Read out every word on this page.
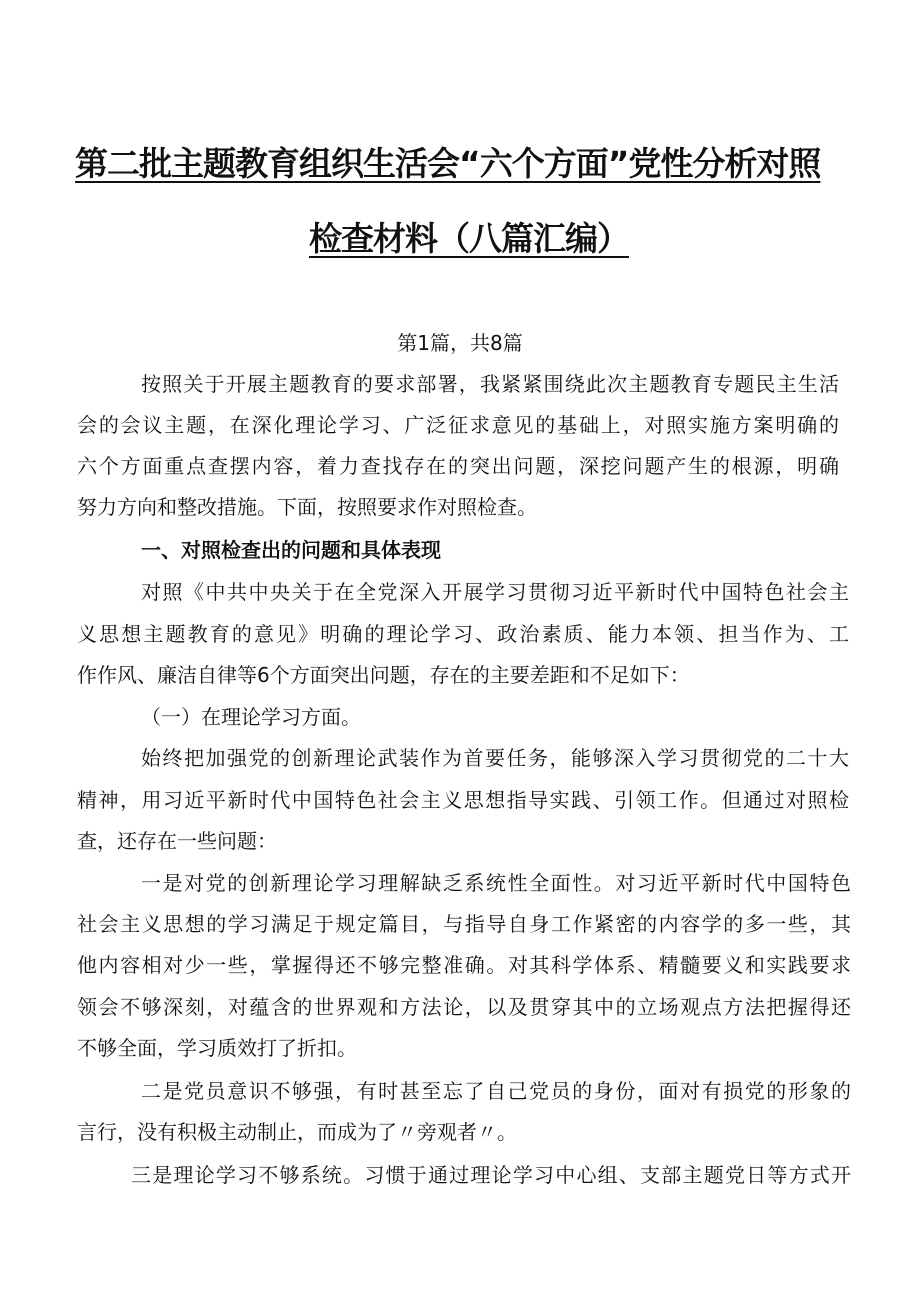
第二批主题教育组织生活会“六个方面”党性分析对照
检查材料（八篇汇编）
第1篇，共8篇
按照关于开展主题教育的要求部署，我紧紧围绕此次主题教育专题民主生活
会的会议主题，在深化理论学习、广泛征求意见的基础上，对照实施方案明确的
六个方面重点查摆内容，着力查找存在的突出问题，深挖问题产生的根源，明确
努力方向和整改措施。下面，按照要求作对照检查。
一、对照检查出的问题和具体表现
对照《中共中央关于在全党深入开展学习贯彻习近平新时代中国特色社会主
义思想主题教育的意见》明确的理论学习、政治素质、能力本领、担当作为、工
作作风、廉洁自律等6个方面突出问题，存在的主要差距和不足如下：
（一）在理论学习方面。
始终把加强党的创新理论武装作为首要任务，能够深入学习贯彻党的二十大
精神，用习近平新时代中国特色社会主义思想指导实践、引领工作。但通过对照检
查，还存在一些问题：
一是对党的创新理论学习理解缺乏系统性全面性。对习近平新时代中国特色
社会主义思想的学习满足于规定篇目，与指导自身工作紧密的内容学的多一些，其
他内容相对少一些，掌握得还不够完整准确。对其科学体系、精髓要义和实践要求
领会不够深刻，对蕴含的世界观和方法论，以及贯穿其中的立场观点方法把握得还
不够全面，学习质效打了折扣。
二是党员意识不够强，有时甚至忘了自己党员的身份，面对有损党的形象的
言行，没有积极主动制止，而成为了〃旁观者〃。
三是理论学习不够系统。习惯于通过理论学习中心组、支部主题党日等方式开
